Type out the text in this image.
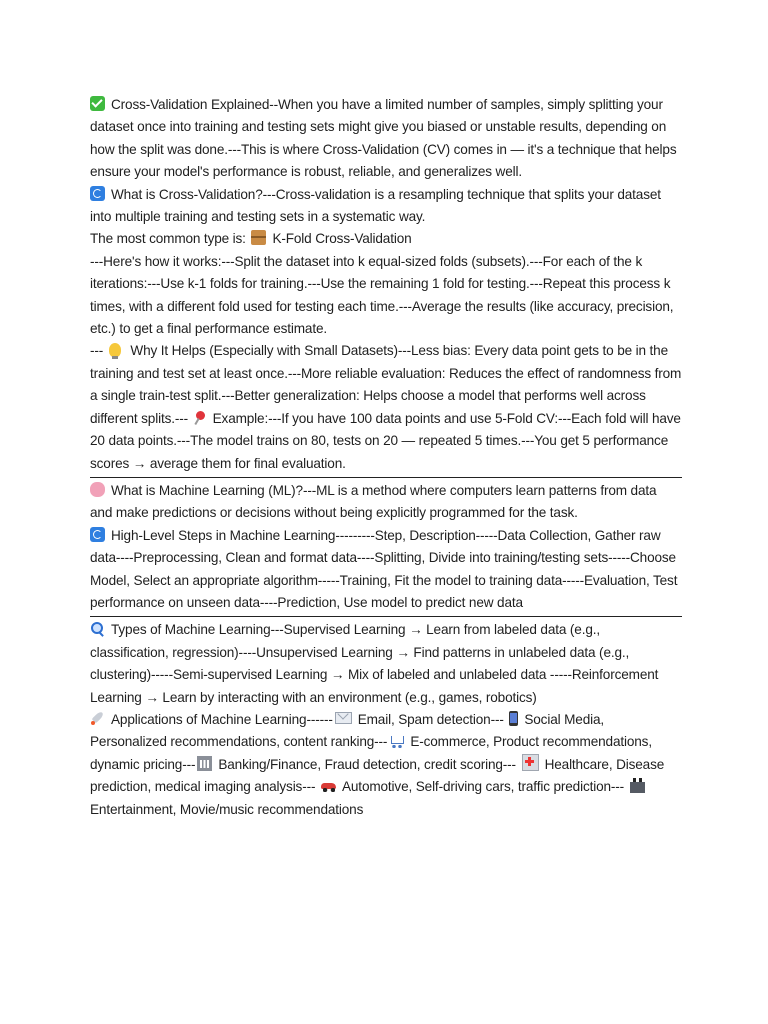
Cross-Validation Explained--When you have a limited number of samples, simply splitting your dataset once into training and testing sets might give you biased or unstable results, depending on how the split was done.---This is where Cross-Validation (CV) comes in — it's a technique that helps ensure your model's performance is robust, reliable, and generalizes well.

What is Cross-Validation?---Cross-validation is a resampling technique that splits your dataset into multiple training and testing sets in a systematic way.

The most common type is: K-Fold Cross-Validation

---Here's how it works:---Split the dataset into k equal-sized folds (subsets).---For each of the k iterations:---Use k-1 folds for training.---Use the remaining 1 fold for testing.---Repeat this process k times, with a different fold used for testing each time.---Average the results (like accuracy, precision, etc.) to get a final performance estimate.

--- Why It Helps (Especially with Small Datasets)---Less bias: Every data point gets to be in the training and test set at least once.---More reliable evaluation: Reduces the effect of randomness from a single train-test split.---Better generalization: Helps choose a model that performs well across different splits.--- Example:---If you have 100 data points and use 5-Fold CV:---Each fold will have 20 data points.---The model trains on 80, tests on 20 — repeated 5 times.---You get 5 performance scores → average them for final evaluation.

What is Machine Learning (ML)?---ML is a method where computers learn patterns from data and make predictions or decisions without being explicitly programmed for the task.

High-Level Steps in Machine Learning---------Step, Description-----Data Collection, Gather raw data----Preprocessing, Clean and format data----Splitting, Divide into training/testing sets-----Choose Model, Select an appropriate algorithm-----Training, Fit the model to training data-----Evaluation, Test performance on unseen data----Prediction, Use model to predict new data

Types of Machine Learning---Supervised Learning → Learn from labeled data (e.g., classification, regression)----Unsupervised Learning → Find patterns in unlabeled data (e.g., clustering)-----Semi-supervised Learning → Mix of labeled and unlabeled data -----Reinforcement Learning → Learn by interacting with an environment (e.g., games, robotics)

Applications of Machine Learning------ Email, Spam detection--- Social Media, Personalized recommendations, content ranking--- E-commerce, Product recommendations, dynamic pricing--- Banking/Finance, Fraud detection, credit scoring--- Healthcare, Disease prediction, medical imaging analysis--- Automotive, Self-driving cars, traffic prediction--- Entertainment, Movie/music recommendations
